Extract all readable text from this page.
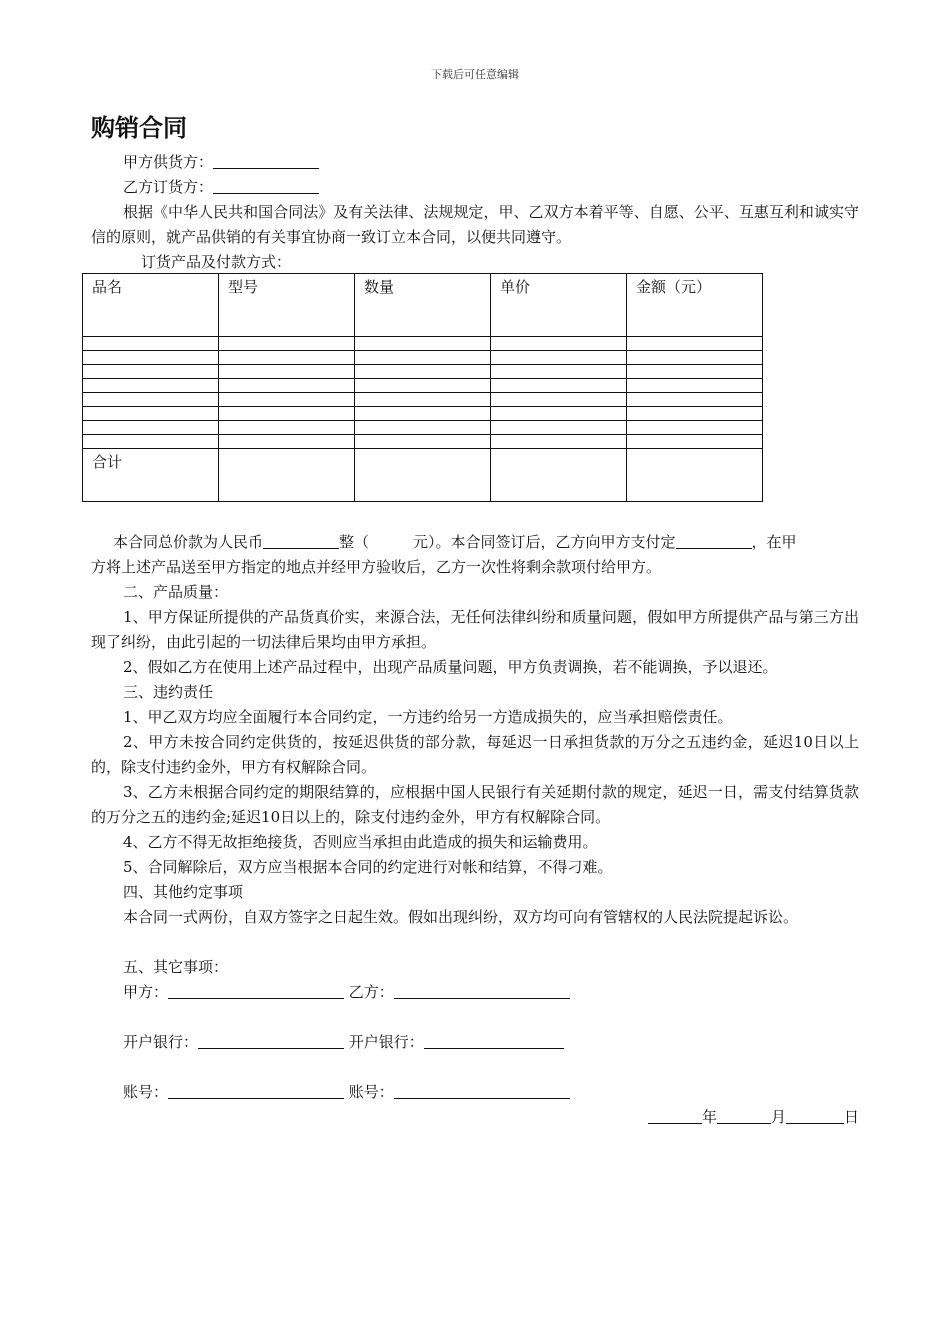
下载后可任意编辑
购销合同
甲方供货方：
乙方订货方：
根据《中华人民共和国合同法》及有关法律、法规规定，甲、乙双方本着平等、自愿、公平、互惠互利和诚实守信的原则，就产品供销的有关事宜协商一致订立本合同，以便共同遵守。
订货产品及付款方式：
品名	型号	数量	单价	金额（元）

合计				
本合同总价款为人民币	整（	元）。本合同签订后，乙方向甲方支付定	，在甲
方将上述产品送至甲方指定的地点并经甲方验收后，乙方一次性将剩余款项付给甲方。
二、产品质量：
1、甲方保证所提供的产品货真价实，来源合法，无任何法律纠纷和质量问题，假如甲方所提供产品与第三方出现了纠纷，由此引起的一切法律后果均由甲方承担。
2、假如乙方在使用上述产品过程中，出现产品质量问题，甲方负责调换，若不能调换，予以退还。
三、违约责任
1、甲乙双方均应全面履行本合同约定，一方违约给另一方造成损失的，应当承担赔偿责任。
2、甲方未按合同约定供货的，按延迟供货的部分款，每延迟一日承担货款的万分之五违约金，延迟10日以上的，除支付违约金外，甲方有权解除合同。
3、乙方未根据合同约定的期限结算的，应根据中国人民银行有关延期付款的规定，延迟一日，需支付结算货款的万分之五的违约金;延迟10日以上的，除支付违约金外，甲方有权解除合同。
4、乙方不得无故拒绝接货，否则应当承担由此造成的损失和运输费用。
5、合同解除后，双方应当根据本合同的约定进行对帐和结算，不得刁难。
四、其他约定事项
本合同一式两份，自双方签字之日起生效。假如出现纠纷，双方均可向有管辖权的人民法院提起诉讼。
五、其它事项：
甲方：	乙方：
开户银行：	开户银行：
账号：	账号：
年	月	日
